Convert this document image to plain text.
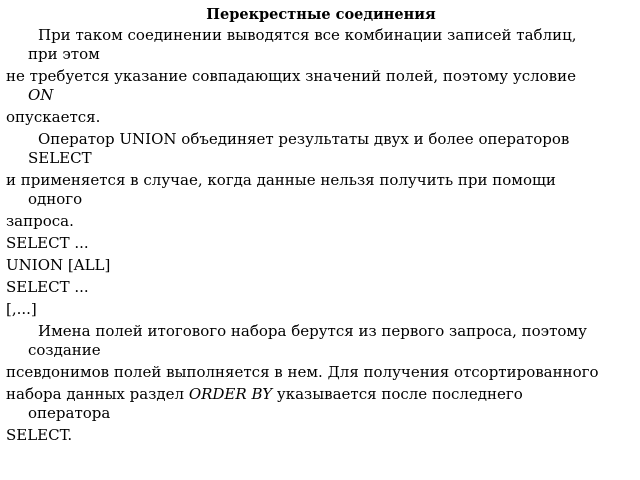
Перекрестные соединения
При таком соединении выводятся все комбинации записей таблиц,
при этом
не требуется указание совпадающих значений полей, поэтому условие
ON
опускается.
Оператор UNION объединяет результаты двух и более операторов
SELECT
и применяется в случае, когда данные нельзя получить при помощи
одного
запроса.
SELECT ...
UNION [ALL]
SELECT ...
[,...]
Имена полей итогового набора берутся из первого запроса, поэтому
создание
псевдонимов полей выполняется в нем. Для получения отсортированного
набора данных раздел ORDER BY указывается после последнего
оператора
SELECT.
